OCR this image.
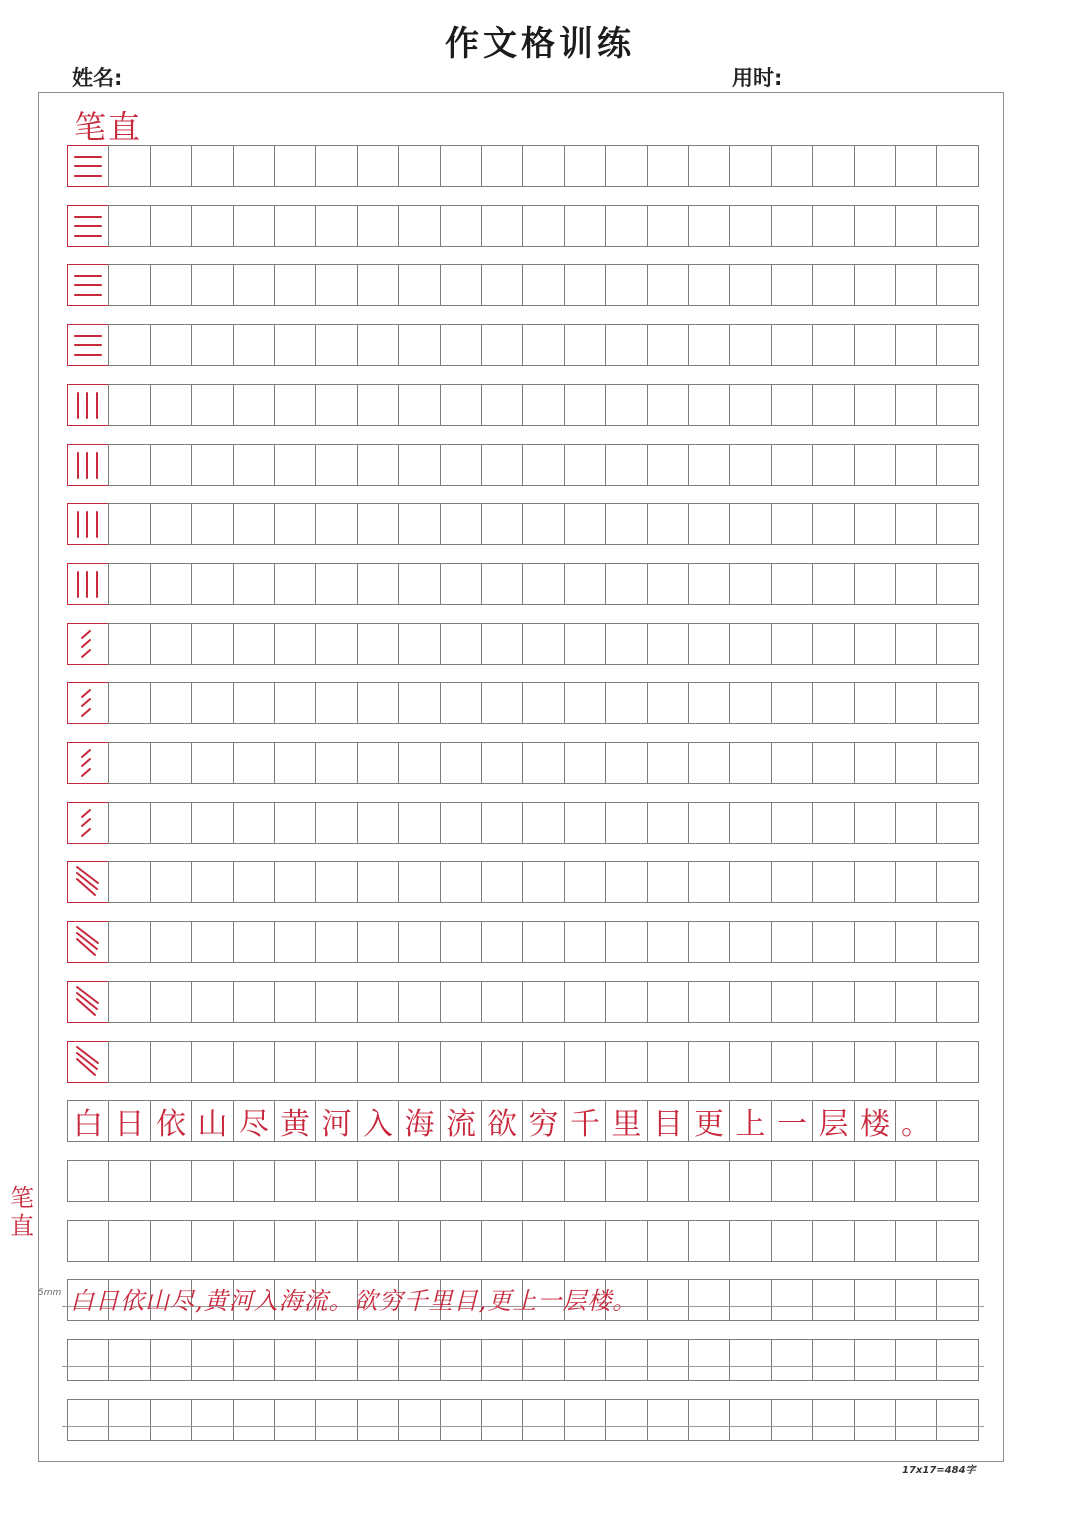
作文格训练
姓名:	用时:
笔直
笔直
5mm
白 日 依 山 尽 黄 河 入 海 流 欲 穷 千 里 目 更 上 一 层 楼 。
白日依山尽,黄河入海流。欲穷千里目,更上一层楼。
17x17=484字
